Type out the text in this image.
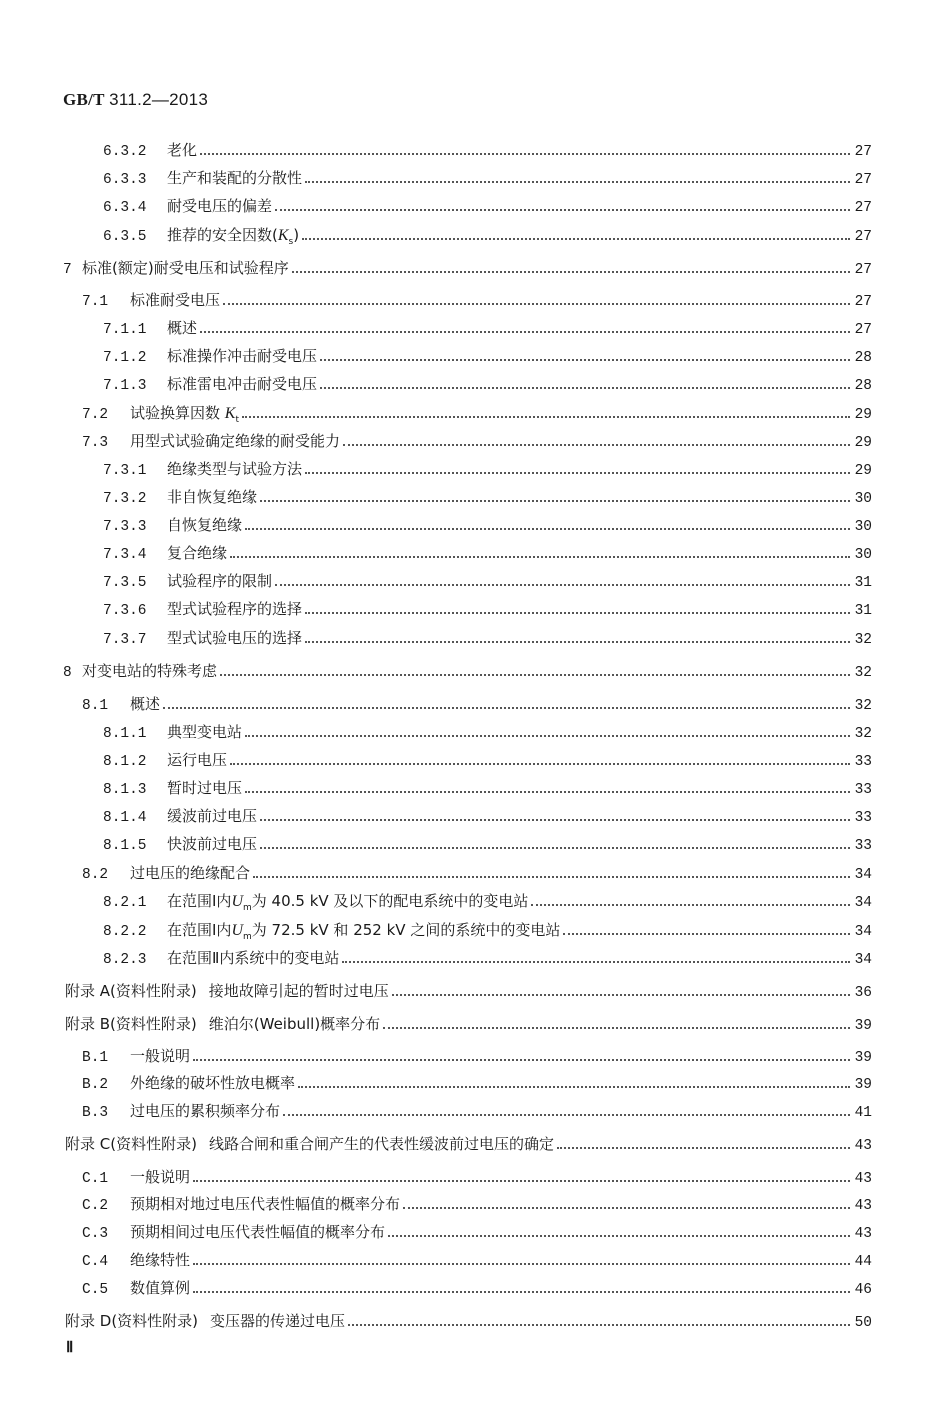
GB/T 311.2—2013
6.3.2	老化	27
6.3.3	生产和装配的分散性	27
6.3.4	耐受电压的偏差	27
6.3.5	推荐的安全因数$(K_s)$	27
7 标准(额定)耐受电压和试验程序	27
7.1	标准耐受电压	27
7.1.1	概述	27
7.1.2	标准操作冲击耐受电压	28
7.1.3	标准雷电冲击耐受电压	28
7.2	试验换算因数 $K_t$	29
7.3	用型式试验确定绝缘的耐受能力	29
7.3.1	绝缘类型与试验方法	29
7.3.2	非自恢复绝缘	30
7.3.3	自恢复绝缘	30
7.3.4	复合绝缘	30
7.3.5	试验程序的限制	31
7.3.6	型式试验程序的选择	31
7.3.7	型式试验电压的选择	32
8 对变电站的特殊考虑	32
8.1	概述	32
8.1.1	典型变电站	32
8.1.2	运行电压	33
8.1.3	暂时过电压	33
8.1.4	缓波前过电压	33
8.1.5	快波前过电压	33
8.2	过电压的绝缘配合	34
8.2.1	在范围Ⅰ内$U_m$为 40.5 kV 及以下的配电系统中的变电站	34
8.2.2	在范围Ⅰ内$U_m$为 72.5 kV 和 252 kV 之间的系统中的变电站	34
8.2.3	在范围Ⅱ内系统中的变电站	34
附录 A(资料性附录) 接地故障引起的暂时过电压	36
附录 B(资料性附录) 维泊尔(Weibull)概率分布	39
B.1	一般说明	39
B.2	外绝缘的破坏性放电概率	39
B.3	过电压的累积频率分布	41
附录 C(资料性附录) 线路合闸和重合闸产生的代表性缓波前过电压的确定	43
C.1	一般说明	43
C.2	预期相对地过电压代表性幅值的概率分布	43
C.3	预期相间过电压代表性幅值的概率分布	43
C.4	绝缘特性	44
C.5	数值算例	46
附录 D(资料性附录) 变压器的传递过电压	50
Ⅱ
